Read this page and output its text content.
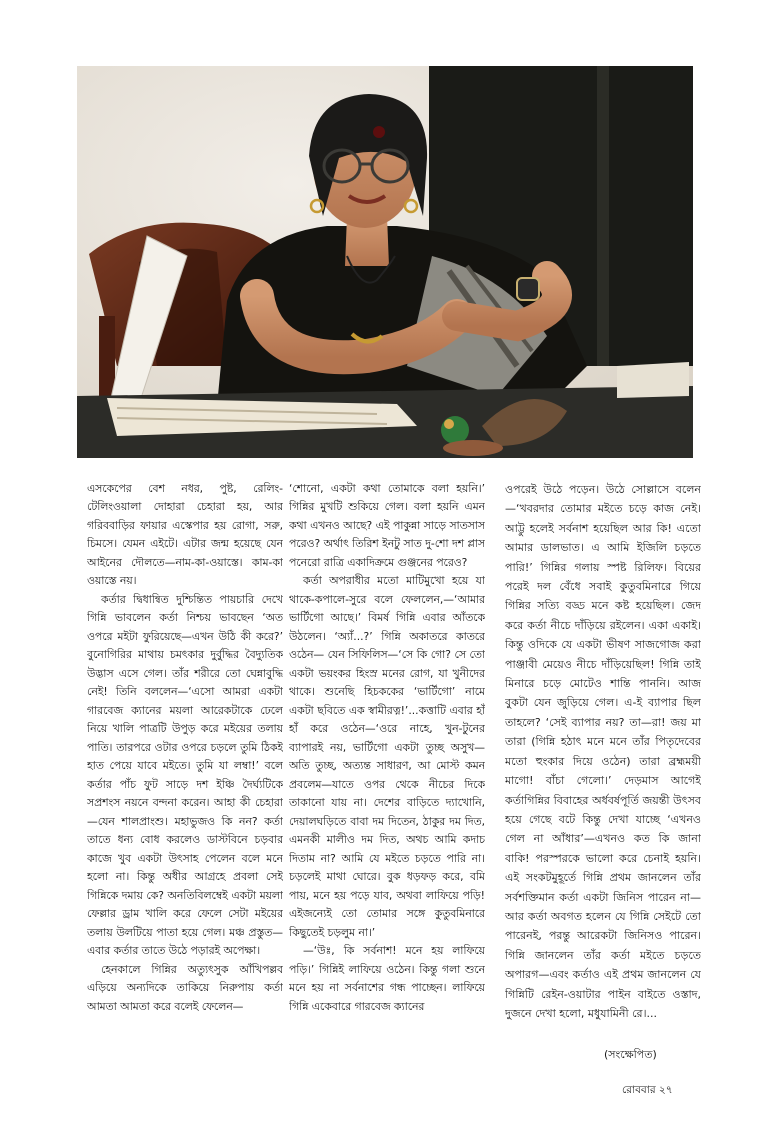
এসকেপের বেশ নধর, পুষ্ট, রেলিং-টেলিংওয়ালা দোহারা চেহারা হয়, আর গরিববাড়ির ফায়ার এস্কেপার হয় রোগা, সরু, চিমসে। যেমন এইটে। এটার জন্ম হয়েছে যেন আইনের দৌলতে—নাম-কা-ওয়াস্তে। কাম-কা ওয়াস্তে নয়।

কর্তার দ্বিধান্বিত দুশ্চিন্তিত পায়চারি দেখে গিন্নি ভাবলেন কর্তা নিশ্চয় ভাবছেন ‘অত ওপরে মইটা ফুরিয়েছে—এখন উঠি কী করে?’ বুনোগিরির মাথায় চমৎকার দুর্বুদ্ধির বৈদ্যুতিক উদ্ভাস এসে গেল। তাঁর শরীরে তো ঘেন্নাবুদ্ধি নেই! তিনি বললেন—‘এসো আমরা একটা গারবেজ ক্যানের ময়লা আরেকটাকে ঢেলে নিয়ে খালি পাত্রটি উপুড় করে মইয়ের তলায় পাতি। তারপরে ওটার ওপরে চড়লে তুমি ঠিকই হাত পেয়ে যাবে মইতে। তুমি যা লম্বা!’ বলে কর্তার পাঁচ ফুট সাড়ে দশ ইঞ্চি দৈর্ঘ্যটিকে সপ্রশংস নয়নে বন্দনা করেন। আহা কী চেহারা—যেন শালপ্রাংশু। মহাভুজও কি নন? কর্তা তাতে ধন্য বোধ করলেও ডাস্টবিনে চড়বার কাজে খুব একটা উৎসাহ পেলেন বলে মনে হলো না। কিন্তু অধীর আগ্রহে প্রবলা সেই গিন্নিকে দমায় কে? অনতিবিলম্বেই একটা ময়লা ফেল্লার ড্রাম খালি করে ফেলে সেটা মইয়ের তলায় উলটিয়ে পাতা হয়ে গেল। মঞ্চ প্রস্তুত—এবার কর্তার তাতে উঠে পড়ারই অপেক্ষা।

হেনকালে গিন্নির অত্যুৎসুক আঁখিপল্লব এড়িয়ে অন্যদিকে তাকিয়ে নিরুপায় কর্তা আমতা আমতা করে বলেই ফেলেন—

‘শোনো, একটা কথা তোমাকে বলা হয়নি।’ গিন্নির মুখটি শুকিয়ে গেল। বলা হয়নি এমন কথা এখনও আছে? এই পাকুন্না সাড়ে সাতসাস পরেও? অর্থাৎ তিরিশ ইনটু সাত দু-শো দশ প্লাস পনেরো রাত্রি একাদিক্রমে গুঞ্জনের পরেও?

কর্তা অপরাধীর মতো মাটিমুখো হয়ে যা থাকে-কপালে-সুরে বলে ফেললেন,—‘আমার ভার্টিগো আছে।’ বিমর্ষ গিন্নি এবার আঁতকে উঠলেন। ‘অ্যাঁ...?’ গিন্নি অকাতরে কাতরে ওঠেন— যেন সিফিলিস—‘সে কি গো? সে তো একটা ভয়ংকর হিংস্র মনের রোগ, যা খুনীদের থাকে। শুনেছি হিচককের ‘ভার্টিগো’ নামে একটা ছবিতে এক স্বামীরত্ন!’...কত্তাটি এবার হাঁ হাঁ করে ওঠেন—‘ওরে নাহে, খুন-টুনের ব্যাপারই নয়, ভার্টিগো একটা তুচ্ছ অসুখ—অতি তুচ্ছ, অত্যন্ত সাধারণ, আ মোস্ট কমন প্রবলেম—যাতে ওপর থেকে নীচের দিকে তাকানো যায় না। দেশের বাড়িতে দ্যাখোনি, দেয়ালঘড়িতে বাবা দম দিতেন, ঠাকুর দম দিত, এমনকী মালীও দম দিত, অথচ আমি কদাচ দিতাম না? আমি যে মইতে চড়তে পারি না। চড়লেই মাথা ঘোরে। বুক ধড়ফড় করে, বমি পায়, মনে হয় পড়ে যাব, অথবা লাফিয়ে পড়ি! এইজন্যেই তো তোমার সঙ্গে কুতুবমিনারে কিছুতেই চড়লুম না।’

—‘উঃ, কি সর্বনাশ! মনে হয় লাফিয়ে পড়ি।’ গিন্নিই লাফিয়ে ওঠেন। কিন্তু গলা শুনে মনে হয় না সর্বনাশের গন্ধ পাচ্ছেন। লাফিয়ে গিন্নি একেবারে গারবেজ ক্যানের

ওপরেই উঠে পড়েন। উঠে সোল্লাসে বলেন—‘খবরদার তোমার মইতে চড়ে কাজ নেই। আট্টু হলেই সর্বনাশ হয়েছিল আর কি! এতো আমার ডালভাত। এ আমি ইজিলি চড়তে পারি!’ গিন্নির গলায় স্পষ্ট রিলিফ। বিয়ের পরেই দল বেঁধে সবাই কুতুবমিনারে গিয়ে গিন্নির সত্যি বড্ড মনে কষ্ট হয়েছিল। জেদ করে কর্তা নীচে দাঁড়িয়ে রইলেন। একা একাই। কিন্তু ওদিকে যে একটা ভীষণ সাজগোজ করা পাঞ্জাবী মেয়েও নীচে দাঁড়িয়েছিল! গিন্নি তাই মিনারে চড়ে মোটেও শান্তি পাননি। আজ বুকটা যেন জুড়িয়ে গেল। এ-ই ব্যাপার ছিল তাহলে? ‘সেই ব্যাপার নয়? তা—রা! জয় মা তারা (গিন্নি হঠাৎ মনে মনে তাঁর পিতৃদেবের মতো হুংকার দিয়ে ওঠেন) তারা ব্রহ্মময়ী মাগো! বাঁচা গেলো।’ দেড়মাস আগেই কর্তাগিন্নির বিবাহের অর্ধবর্ষপূর্তি জয়ন্তী উৎসব হয়ে গেছে বটে কিন্তু দেখা যাচ্ছে ‘এখনও গেল না আঁধার’—এখনও কত কি জানা বাকি! পরস্পরকে ভালো করে চেনাই হয়নি। এই সংকটমুহূর্তে গিন্নি প্রথম জানলেন তাঁর সর্বশক্তিমান কর্তা একটা জিনিস পারেন না—আর কর্তা অবগত হলেন যে গিন্নি সেইটে তো পারেনই, পরন্তু আরেকটা জিনিসও পারেন। গিন্নি জানলেন তাঁর কর্তা মইতে চড়তে অপারগ—এবং কর্তাও এই প্রথম জানলেন যে গিন্নিটি রেইন-ওয়াটার পাইন বাইতে ওস্তাদ, দুজনে দেখা হলো, মধুযামিনী রে।...

(সংক্ষেপিত)
রোববার ২৭
